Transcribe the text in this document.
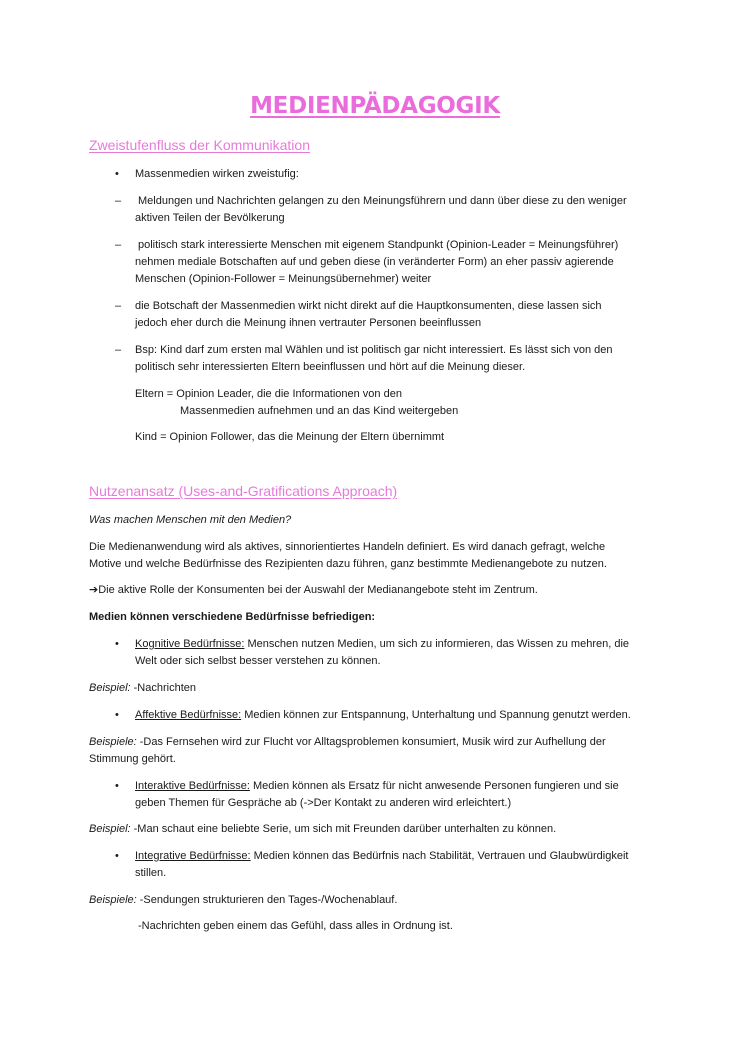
MEDIENPÄDAGOGIK
Zweistufenfluss der Kommunikation
• Massenmedien wirken zweistufig:
– Meldungen und Nachrichten gelangen zu den Meinungsführern und dann über diese zu den weniger
aktiven Teilen der Bevölkerung
– politisch stark interessierte Menschen mit eigenem Standpunkt (Opinion-Leader = Meinungsführer)
nehmen mediale Botschaften auf und geben diese (in veränderter Form) an eher passiv agierende
Menschen (Opinion-Follower = Meinungsübernehmer) weiter
– die Botschaft der Massenmedien wirkt nicht direkt auf die Hauptkonsumenten, diese lassen sich
jedoch eher durch die Meinung ihnen vertrauter Personen beeinflussen
– Bsp: Kind darf zum ersten mal Wählen und ist politisch gar nicht interessiert. Es lässt sich von den
politisch sehr interessierten Eltern beeinflussen und hört auf die Meinung dieser.
Eltern = Opinion Leader, die die Informationen von den
Massenmedien aufnehmen und an das Kind weitergeben
Kind = Opinion Follower, das die Meinung der Eltern übernimmt
Nutzenansatz (Uses-and-Gratifications Approach)
Was machen Menschen mit den Medien?
Die Medienanwendung wird als aktives, sinnorientiertes Handeln definiert. Es wird danach gefragt, welche
Motive und welche Bedürfnisse des Rezipienten dazu führen, ganz bestimmte Medienangebote zu nutzen.
➔Die aktive Rolle der Konsumenten bei der Auswahl der Medianangebote steht im Zentrum.
Medien können verschiedene Bedürfnisse befriedigen:
• Kognitive Bedürfnisse: Menschen nutzen Medien, um sich zu informieren, das Wissen zu mehren, die
Welt oder sich selbst besser verstehen zu können.
Beispiel: -Nachrichten
• Affektive Bedürfnisse: Medien können zur Entspannung, Unterhaltung und Spannung genutzt werden.
Beispiele: -Das Fernsehen wird zur Flucht vor Alltagsproblemen konsumiert, Musik wird zur Aufhellung der
Stimmung gehört.
• Interaktive Bedürfnisse: Medien können als Ersatz für nicht anwesende Personen fungieren und sie
geben Themen für Gespräche ab (->Der Kontakt zu anderen wird erleichtert.)
Beispiel: -Man schaut eine beliebte Serie, um sich mit Freunden darüber unterhalten zu können.
• Integrative Bedürfnisse: Medien können das Bedürfnis nach Stabilität, Vertrauen und Glaubwürdigkeit
stillen.
Beispiele: -Sendungen strukturieren den Tages-/Wochenablauf.
-Nachrichten geben einem das Gefühl, dass alles in Ordnung ist.
